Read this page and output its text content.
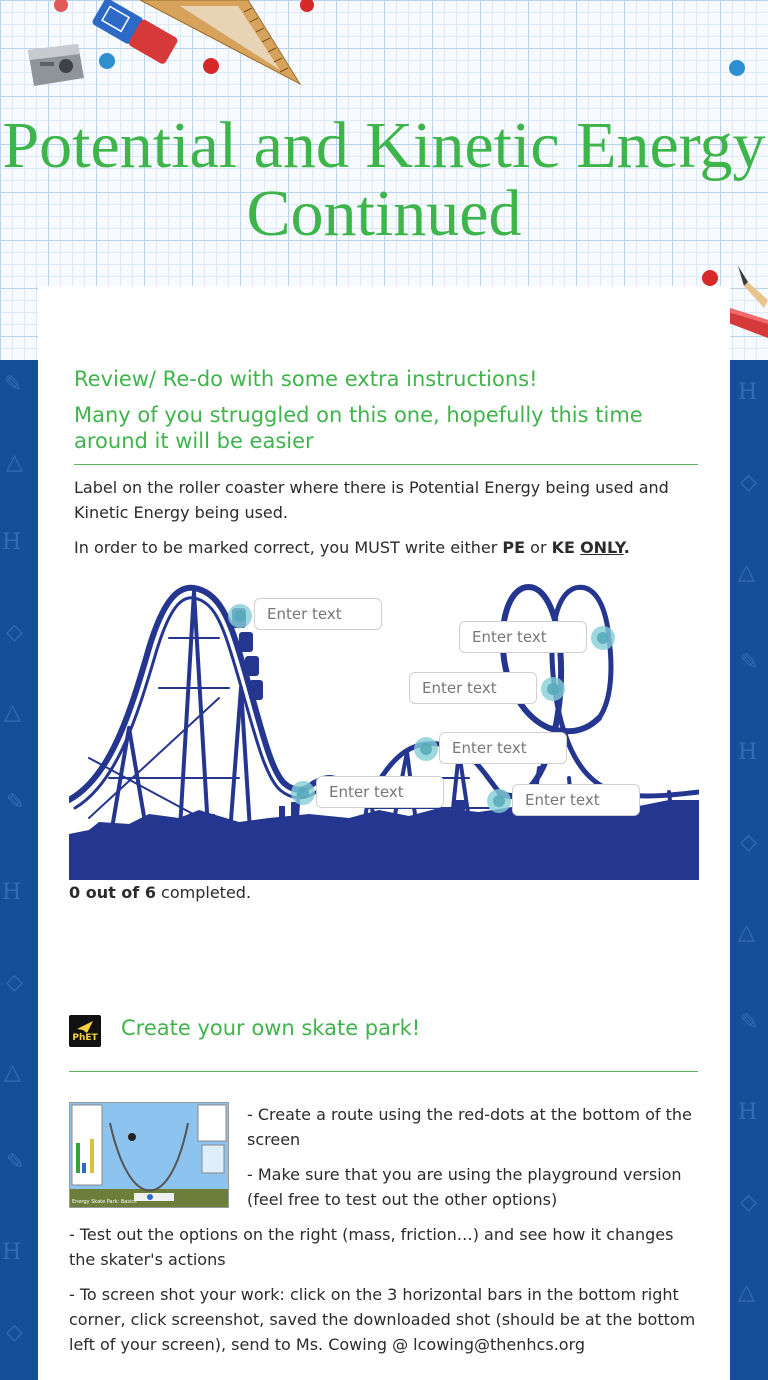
✎
△
H
◇
△
✎
H
◇
△
✎
H
◇
H
◇
△
✎
H
◇
△
✎
H
◇
△
Potential and Kinetic Energy Continued
Review/ Re-do with some extra instructions!
Many of you struggled on this one, hopefully this time around it will be easier

Label on the roller coaster where there is Potential Energy being used and Kinetic Energy being used.

In order to be marked correct, you MUST write either PE or KE ONLY.

Enter text
Enter text
Enter text
Enter text
Enter text
Enter text

0 out of 6 completed.

PhET Create your own skate park!
Energy Skate Park: Basics

- Create a route using the red-dots at the bottom of the screen

- Make sure that you are using the playground version (feel free to test out the other options)

- Test out the options on the right (mass, friction…) and see how it changes the skater's actions

- To screen shot your work: click on the 3 horizontal bars in the bottom right corner, click screenshot, saved the downloaded shot (should be at the bottom left of your screen), send to Ms. Cowing @ lcowing@thenhcs.org
